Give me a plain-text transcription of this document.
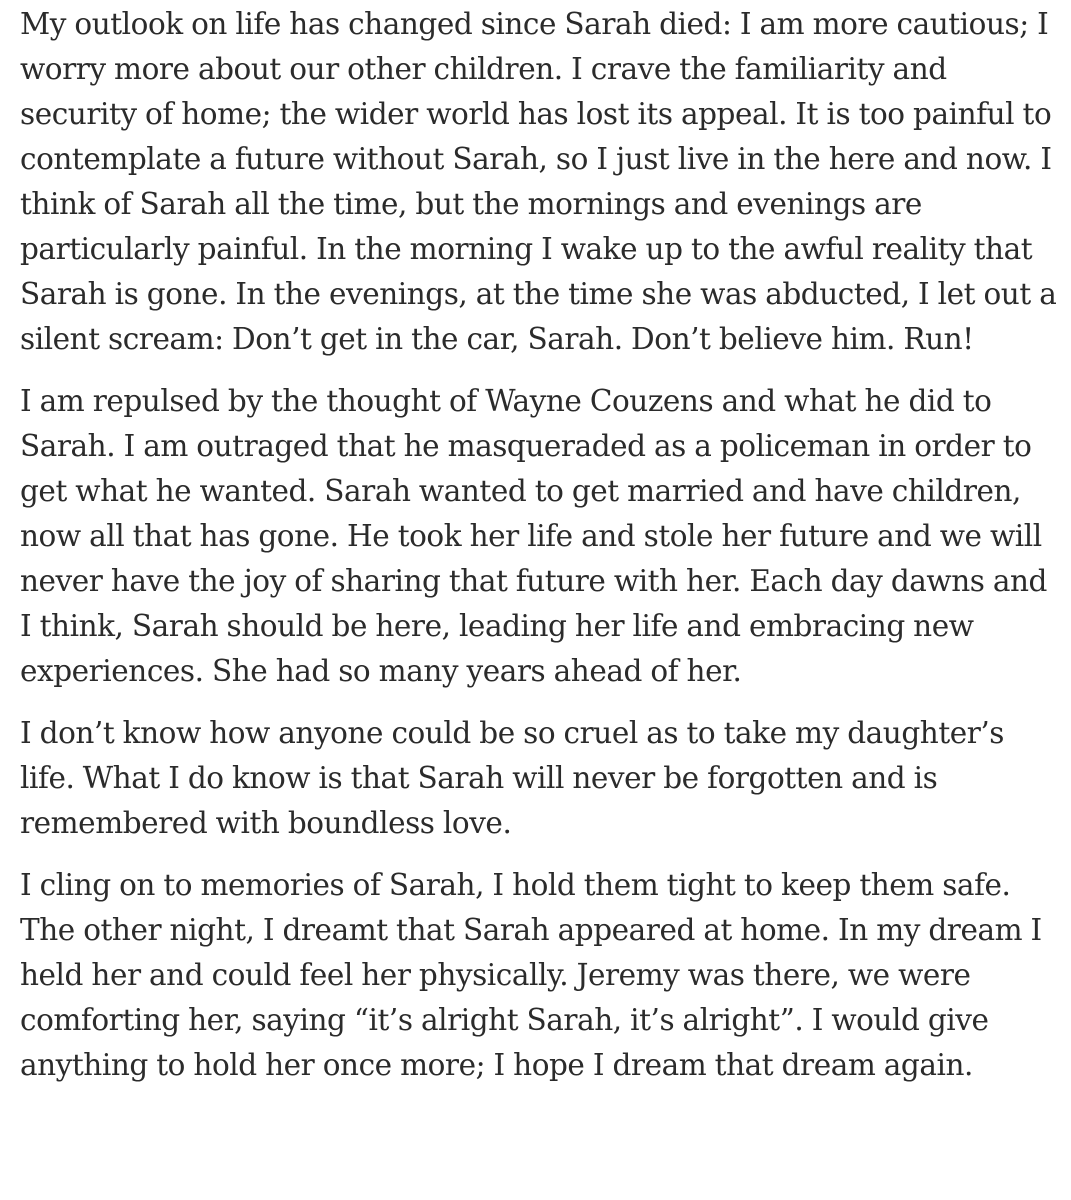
My outlook on life has changed since Sarah died: I am more cautious; I
worry more about our other children. I crave the familiarity and
security of home; the wider world has lost its appeal. It is too painful to
contemplate a future without Sarah, so I just live in the here and now. I
think of Sarah all the time, but the mornings and evenings are
particularly painful. In the morning I wake up to the awful reality that
Sarah is gone. In the evenings, at the time she was abducted, I let out a
silent scream: Don’t get in the car, Sarah. Don’t believe him. Run!

I am repulsed by the thought of Wayne Couzens and what he did to
Sarah. I am outraged that he masqueraded as a policeman in order to
get what he wanted. Sarah wanted to get married and have children,
now all that has gone. He took her life and stole her future and we will
never have the joy of sharing that future with her. Each day dawns and
I think, Sarah should be here, leading her life and embracing new
experiences. She had so many years ahead of her.

I don’t know how anyone could be so cruel as to take my daughter’s
life. What I do know is that Sarah will never be forgotten and is
remembered with boundless love.

I cling on to memories of Sarah, I hold them tight to keep them safe.
The other night, I dreamt that Sarah appeared at home. In my dream I
held her and could feel her physically. Jeremy was there, we were
comforting her, saying “it’s alright Sarah, it’s alright”. I would give
anything to hold her once more; I hope I dream that dream again.
